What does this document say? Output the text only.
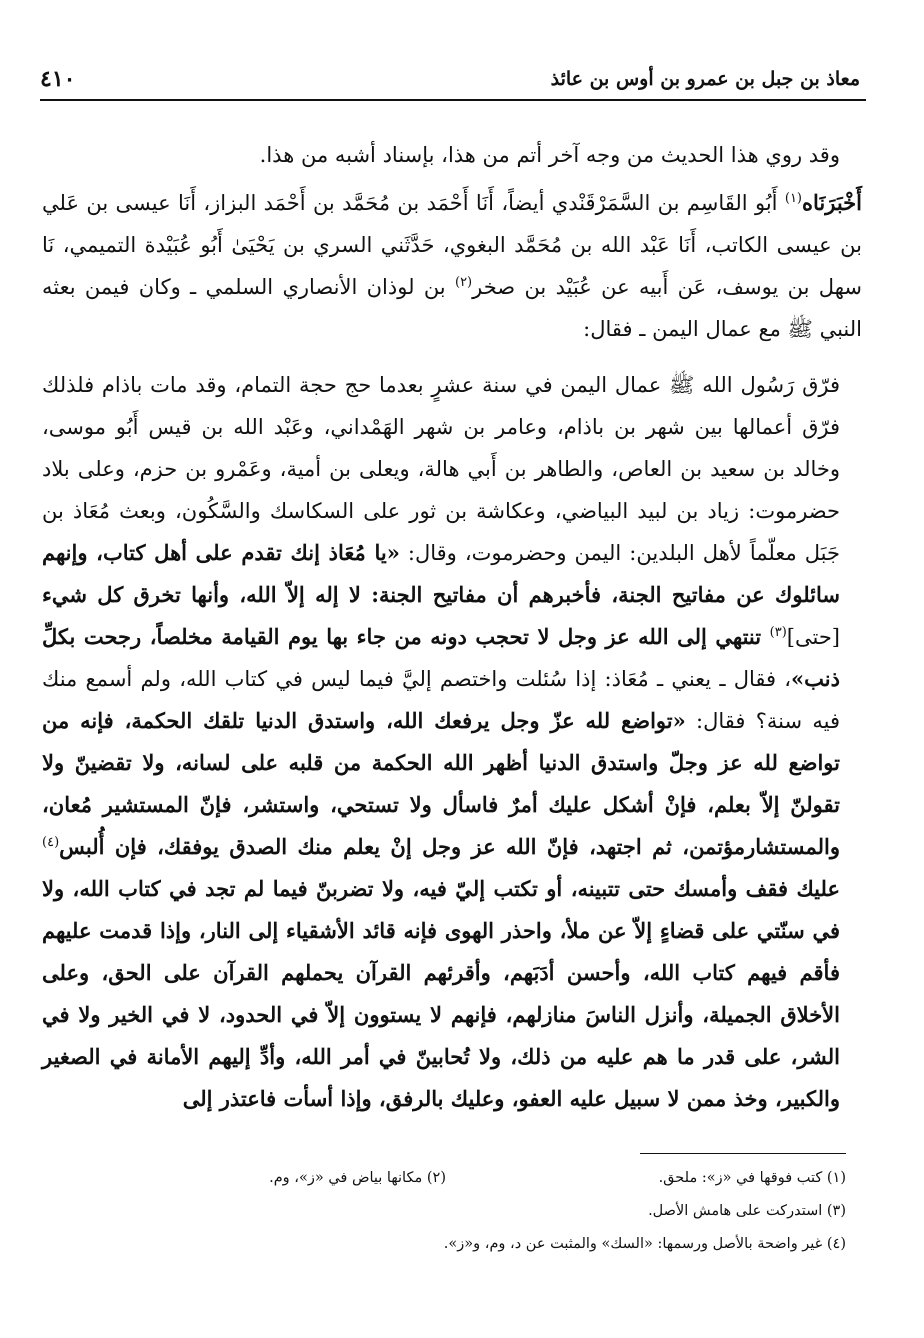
معاذ بن جبل بن عمرو بن أوس بن عائذ
٤١٠

وقد روي هذا الحديث من وجه آخر أتم من هذا، بإسناد أشبه من هذا.

أَخْبَرَنَاه$^{(١)}$ أَبُو القَاسِم بن السَّمَرْقَنْدي أيضاً، أَنَا أَحْمَد بن مُحَمَّد بن أَحْمَد البزاز، أَنَا عيسى بن عَلي بن عيسى الكاتب، أَنَا عَبْد الله بن مُحَمَّد البغوي، حَدَّثَني السري بن يَحْيَىٰ أَبُو عُبَيْدة التميمي، نَا سهل بن يوسف، عَن أَبيه عن عُبَيْد بن صخر$^{(٢)}$ بن لوذان الأنصاري السلمي ـ وكان فيمن بعثه النبي ﷺ مع عمال اليمن ـ فقال:

فرّق رَسُول الله ﷺ عمال اليمن في سنة عشرٍ بعدما حج حجة التمام، وقد مات باذام فلذلك فرّق أعمالها بين شهر بن باذام، وعامر بن شهر الهَمْداني، وعَبْد الله بن قيس أَبُو موسى، وخالد بن سعيد بن العاص، والطاهر بن أَبي هالة، ويعلى بن أمية، وعَمْرو بن حزم، وعلى بلاد حضرموت: زياد بن لبيد البياضي، وعكاشة بن ثور على السكاسك والسَّكُون، وبعث مُعَاذ بن جَبَل معلّماً لأهل البلدين: اليمن وحضرموت، وقال: «يا مُعَاذ إنك تقدم على أهل كتاب، وإنهم سائلوك عن مفاتيح الجنة، فأخبرهم أن مفاتيح الجنة: لا إله إلاّ الله، وأنها تخرق كل شيء [حتى]$^{(٣)}$ تنتهي إلى الله عز وجل لا تحجب دونه من جاء بها يوم القيامة مخلصاً، رجحت بكلِّ ذنب»، فقال ـ يعني ـ مُعَاذ: إذا سُئلت واختصم إليَّ فيما ليس في كتاب الله، ولم أسمع منك فيه سنة؟ فقال: «تواضع لله عزّ وجل يرفعك الله، واستدق الدنيا تلقك الحكمة، فإنه من تواضع لله عز وجلّ واستدق الدنيا أظهر الله الحكمة من قلبه على لسانه، ولا تقضينّ ولا تقولنّ إلاّ بعلم، فإنْ أشكل عليك أمرٌ فاسأل ولا تستحي، واستشر، فإنّ المستشير مُعان، والمستشارمؤتمن، ثم اجتهد، فإنّ الله عز وجل إنْ يعلم منك الصدق يوفقك، فإن أُلبس$^{(٤)}$ عليك فقف وأمسك حتى تتبينه، أو تكتب إليّ فيه، ولا تضربنّ فيما لم تجد في كتاب الله، ولا في سنّتي على قضاءٍ إلاّ عن ملأ، واحذر الهوى فإنه قائد الأشقياء إلى النار، وإذا قدمت عليهم فأقم فيهم كتاب الله، وأحسن أدَبَهم، وأقرئهم القرآن يحملهم القرآن على الحق، وعلى الأخلاق الجميلة، وأنزل الناسَ منازلهم، فإنهم لا يستوون إلاّ في الحدود، لا في الخير ولا في الشر، على قدر ما هم عليه من ذلك، ولا تُحابينّ في أمر الله، وأدِّ إليهم الأمانة في الصغير والكبير، وخذ ممن لا سبيل عليه العفو، وعليك بالرفق، وإذا أسأت فاعتذر إلى

(١) كتب فوقها في «ز»: ملحق.
(٢) مكانها بياض في «ز»، وم.
(٣) استدركت على هامش الأصل.
(٤) غير واضحة بالأصل ورسمها: «السك» والمثبت عن د، وم، و«ز».
